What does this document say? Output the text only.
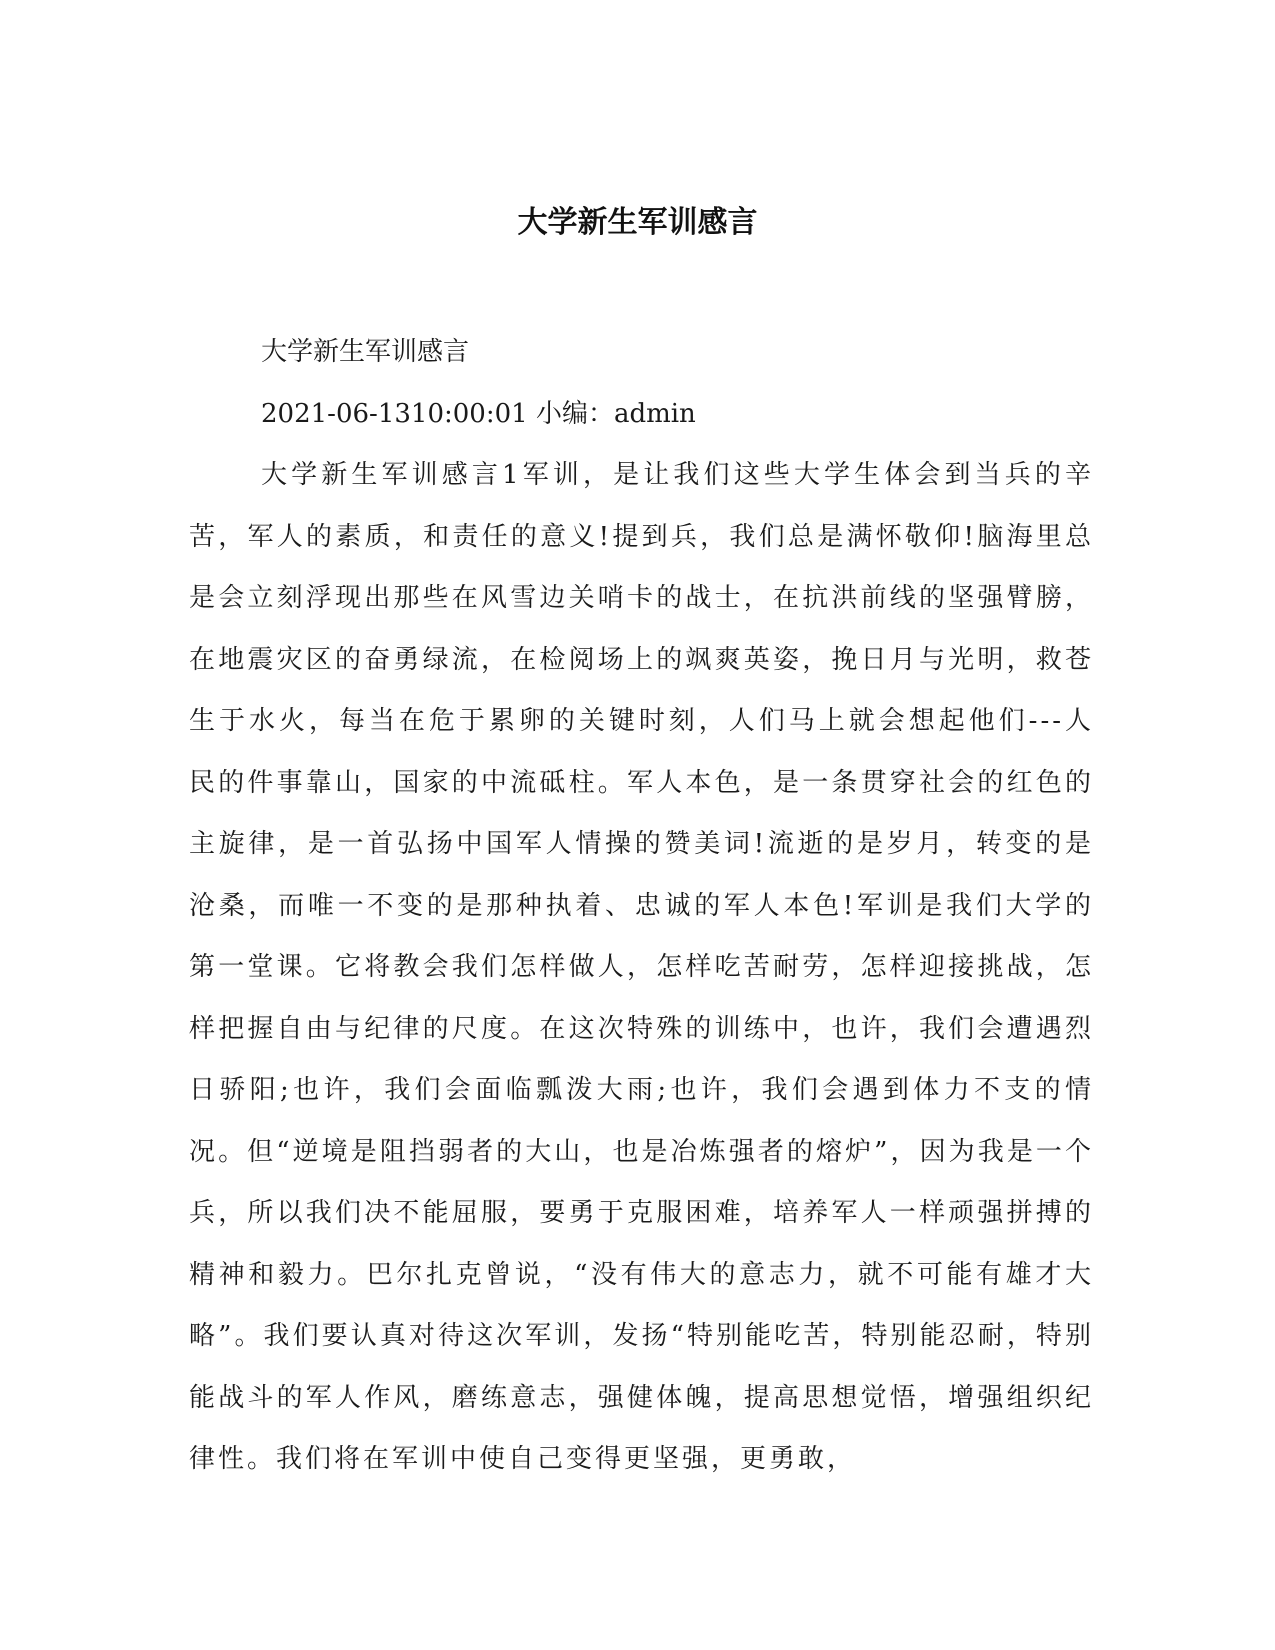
大学新生军训感言

大学新生军训感言

2021-06-1310:00:01 小编：admin

大学新生军训感言1军训，是让我们这些大学生体会到当兵的辛苦，军人的素质，和责任的意义!提到兵，我们总是满怀敬仰!脑海里总是会立刻浮现出那些在风雪边关哨卡的战士，在抗洪前线的坚强臂膀，在地震灾区的奋勇绿流，在检阅场上的飒爽英姿，挽日月与光明，救苍生于水火，每当在危于累卵的关键时刻，人们马上就会想起他们---人民的件事靠山，国家的中流砥柱。军人本色，是一条贯穿社会的红色的主旋律，是一首弘扬中国军人情操的赞美词!流逝的是岁月，转变的是沧桑，而唯一不变的是那种执着、忠诚的军人本色!军训是我们大学的第一堂课。它将教会我们怎样做人，怎样吃苦耐劳，怎样迎接挑战，怎样把握自由与纪律的尺度。在这次特殊的训练中，也许，我们会遭遇烈日骄阳;也许，我们会面临瓢泼大雨;也许，我们会遇到体力不支的情况。但“逆境是阻挡弱者的大山，也是冶炼强者的熔炉”，因为我是一个兵，所以我们决不能屈服，要勇于克服困难，培养军人一样顽强拼搏的精神和毅力。巴尔扎克曾说，“没有伟大的意志力，就不可能有雄才大略”。我们要认真对待这次军训，发扬“特别能吃苦，特别能忍耐，特别能战斗的军人作风，磨练意志，强健体魄，提高思想觉悟，增强组织纪律性。我们将在军训中使自己变得更坚强，更勇敢，
